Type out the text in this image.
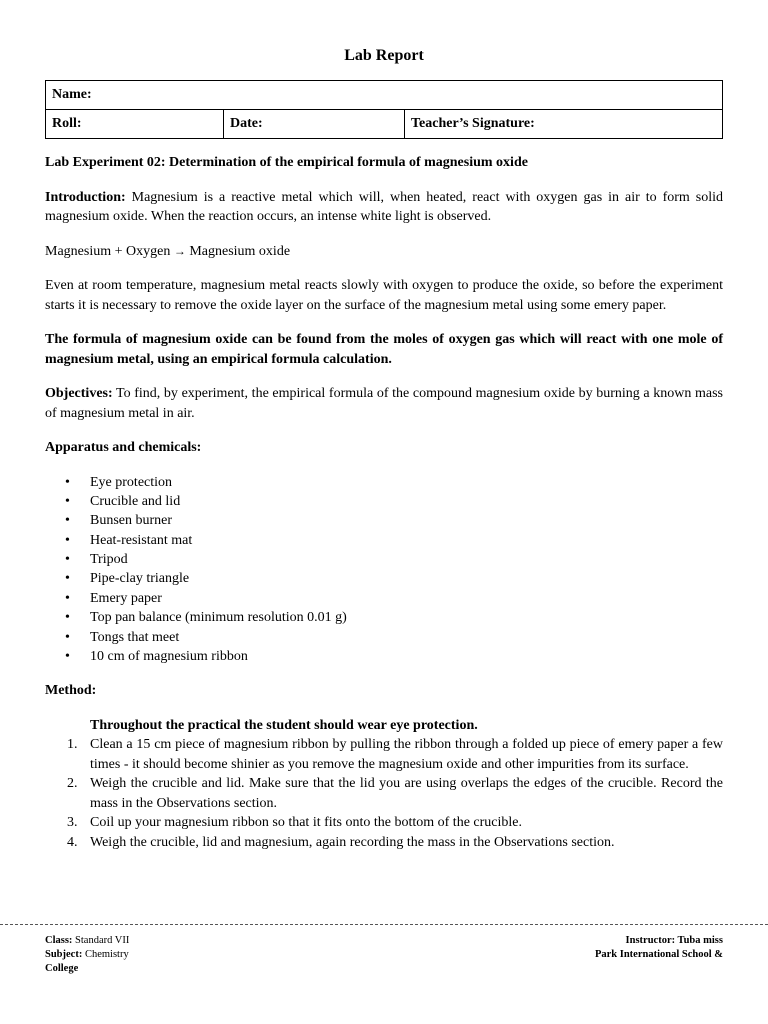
Lab Report
Name:
Roll:	Date:	Teacher’s Signature:

Lab Experiment 02: Determination of the empirical formula of magnesium oxide

Introduction: Magnesium is a reactive metal which will, when heated, react with oxygen gas in air to form solid magnesium oxide. When the reaction occurs, an intense white light is observed.

Magnesium + Oxygen → Magnesium oxide

Even at room temperature, magnesium metal reacts slowly with oxygen to produce the oxide, so before the experiment starts it is necessary to remove the oxide layer on the surface of the magnesium metal using some emery paper.

The formula of magnesium oxide can be found from the moles of oxygen gas which will react with one mole of magnesium metal, using an empirical formula calculation.

Objectives: To find, by experiment, the empirical formula of the compound magnesium oxide by burning a known mass of magnesium metal in air.

Apparatus and chemicals:

• Eye protection
• Crucible and lid
• Bunsen burner
• Heat-resistant mat
• Tripod
• Pipe-clay triangle
• Emery paper
• Top pan balance (minimum resolution 0.01 g)
• Tongs that meet
• 10 cm of magnesium ribbon
Method:
Throughout the practical the student should wear eye protection.
1. Clean a 15 cm piece of magnesium ribbon by pulling the ribbon through a folded up piece of emery paper a few times - it should become shinier as you remove the magnesium oxide and other impurities from its surface.
2. Weigh the crucible and lid. Make sure that the lid you are using overlaps the edges of the crucible. Record the mass in the Observations section.
3. Coil up your magnesium ribbon so that it fits onto the bottom of the crucible.
4. Weigh the crucible, lid and magnesium, again recording the mass in the Observations section.
Class: Standard VII
Subject: Chemistry
College
Instructor: Tuba miss
Park International School &
